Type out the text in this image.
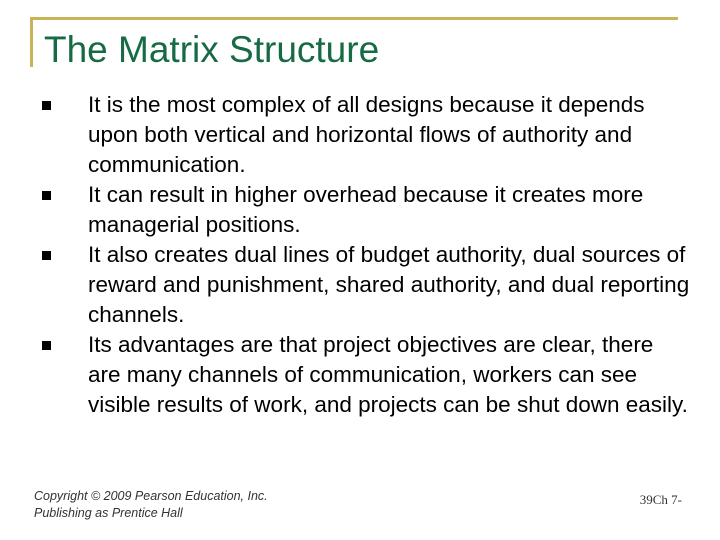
The Matrix Structure
It is the most complex of all designs because it depends upon both vertical and horizontal flows of authority and communication.
It can result in higher overhead because it creates more managerial positions.
It also creates dual lines of budget authority, dual sources of reward and punishment, shared authority, and dual reporting channels.
Its advantages are that project objectives are clear, there are many channels of communication, workers can see visible results of work, and projects can be shut down easily.
Copyright © 2009 Pearson Education, Inc.
Publishing as Prentice Hall
39Ch 7-
